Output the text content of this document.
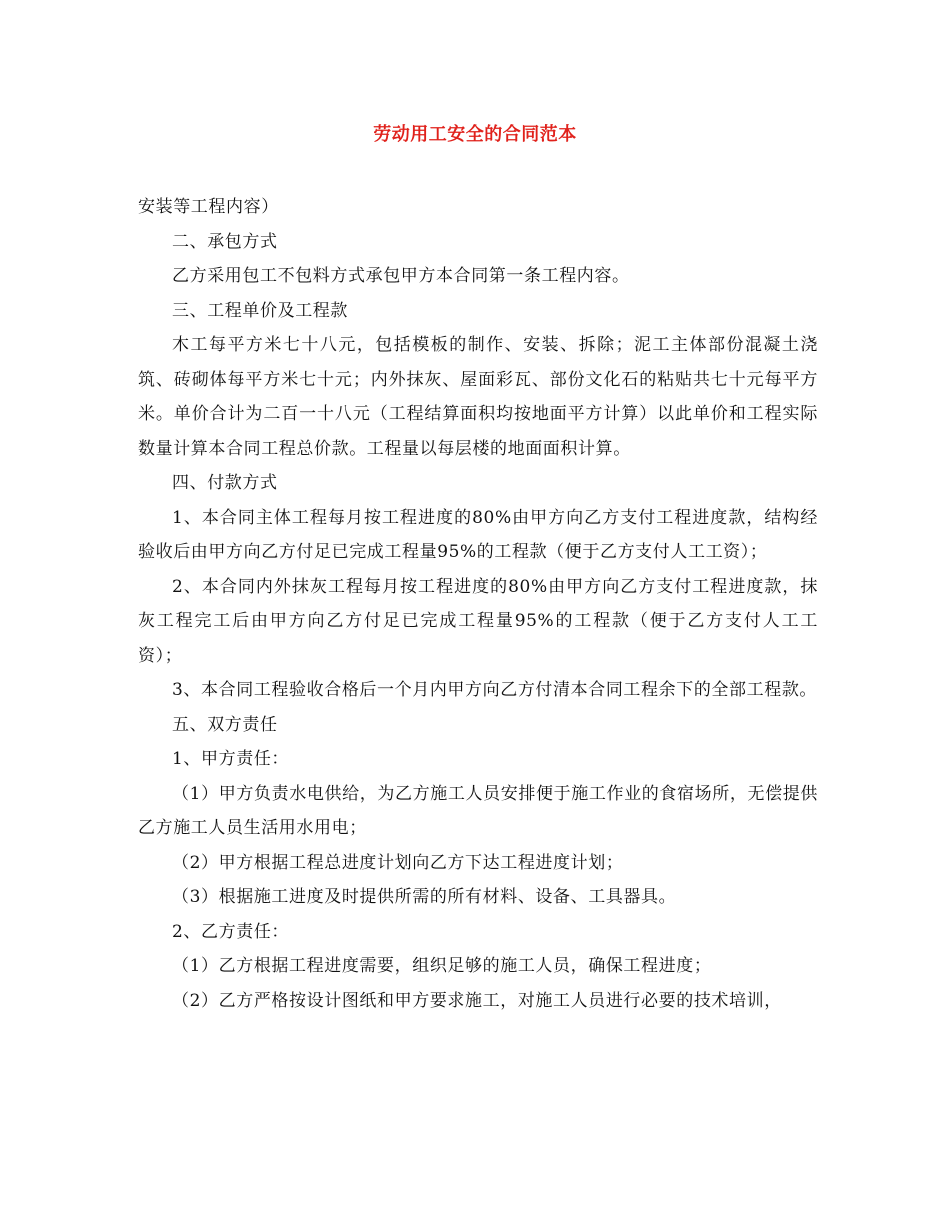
劳动用工安全的合同范本

安装等工程内容）

二、承包方式

乙方采用包工不包料方式承包甲方本合同第一条工程内容。

三、工程单价及工程款

木工每平方米七十八元，包括模板的制作、安装、拆除；泥工主体部份混凝土浇筑、砖砌体每平方米七十元；内外抹灰、屋面彩瓦、部份文化石的粘贴共七十元每平方米。单价合计为二百一十八元（工程结算面积均按地面平方计算）以此单价和工程实际数量计算本合同工程总价款。工程量以每层楼的地面面积计算。

四、付款方式

1、本合同主体工程每月按工程进度的80%由甲方向乙方支付工程进度款，结构经验收后由甲方向乙方付足已完成工程量95%的工程款（便于乙方支付人工工资）；

2、本合同内外抹灰工程每月按工程进度的80%由甲方向乙方支付工程进度款，抹灰工程完工后由甲方向乙方付足已完成工程量95%的工程款（便于乙方支付人工工资）；

3、本合同工程验收合格后一个月内甲方向乙方付清本合同工程余下的全部工程款。

五、双方责任

1、甲方责任：

（1）甲方负责水电供给，为乙方施工人员安排便于施工作业的食宿场所，无偿提供乙方施工人员生活用水用电；

（2）甲方根据工程总进度计划向乙方下达工程进度计划；

（3）根据施工进度及时提供所需的所有材料、设备、工具器具。

2、乙方责任：

（1）乙方根据工程进度需要，组织足够的施工人员，确保工程进度；

（2）乙方严格按设计图纸和甲方要求施工，对施工人员进行必要的技术培训，
